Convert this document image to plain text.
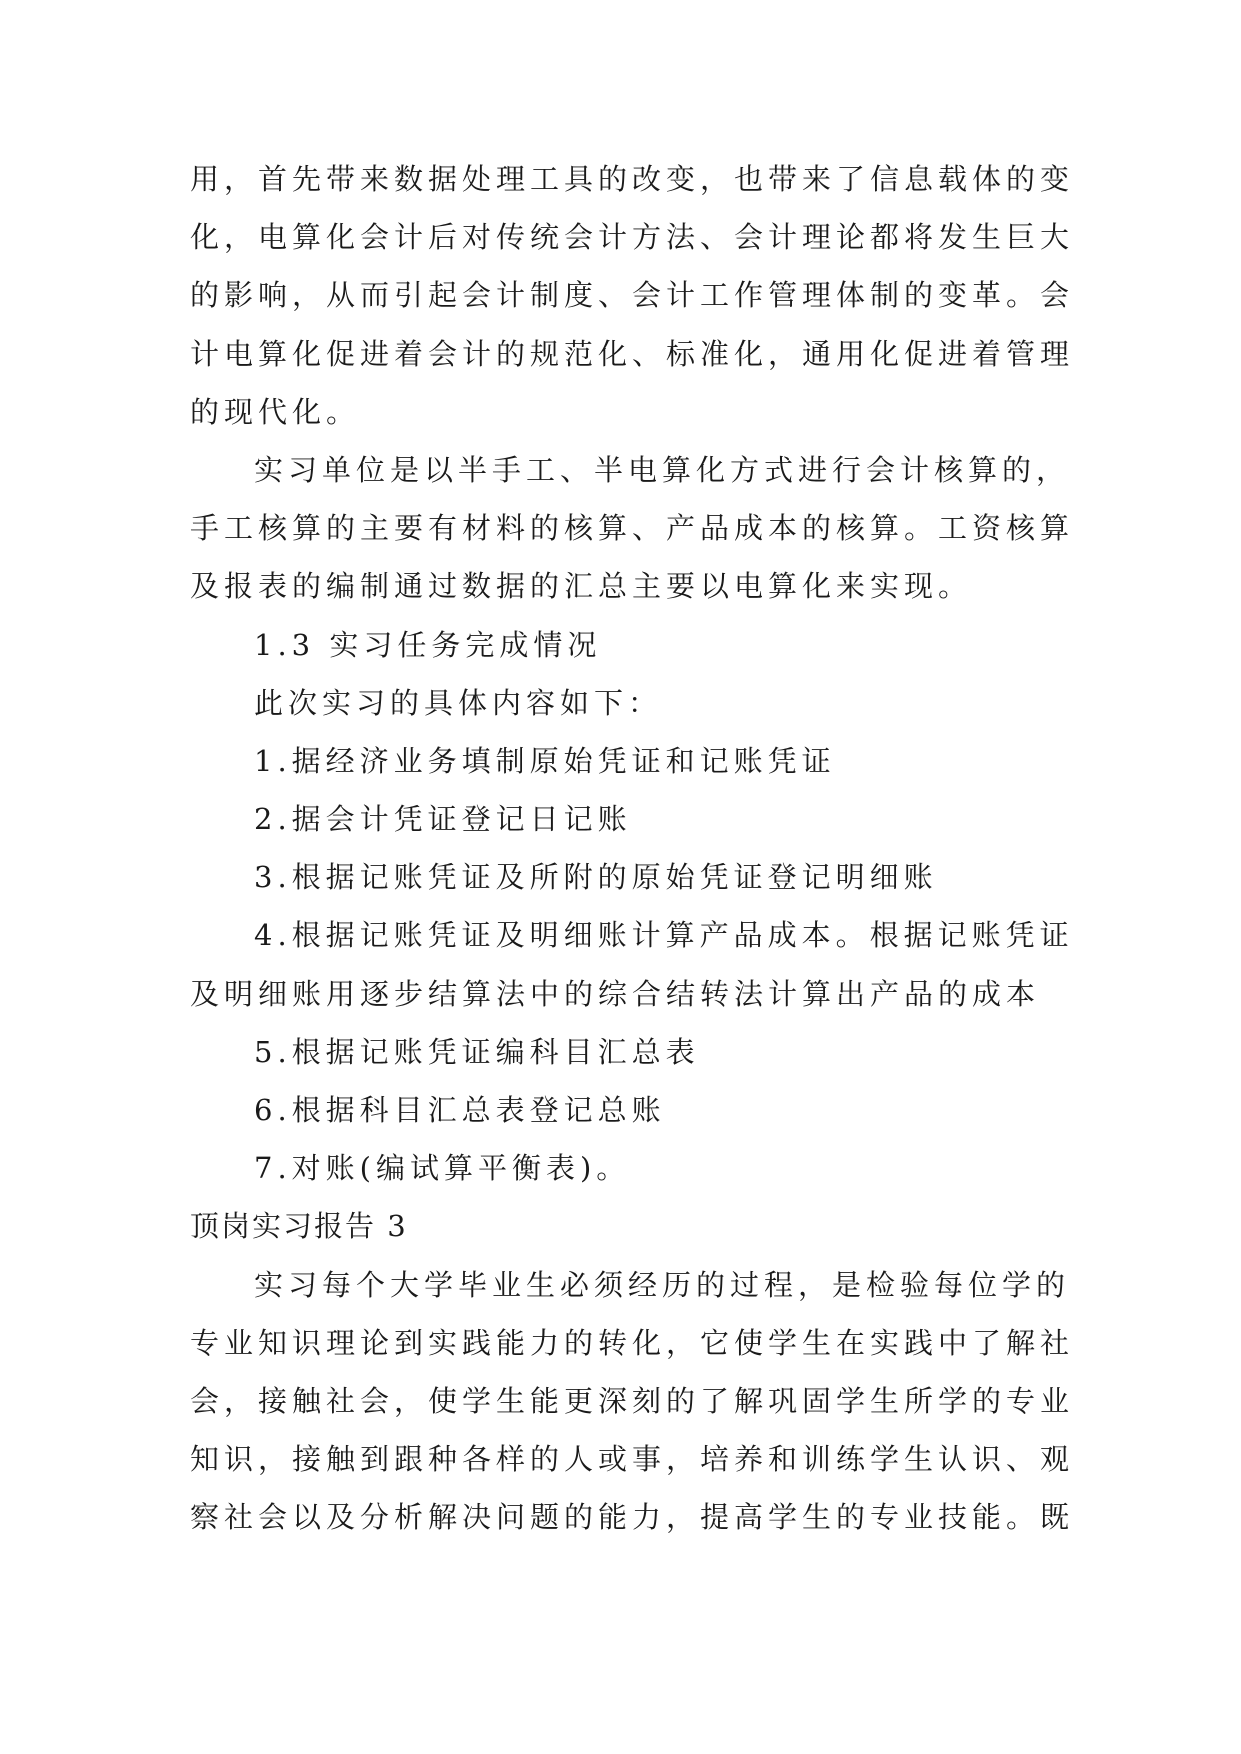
用，首先带来数据处理工具的改变，也带来了信息载体的变
化，电算化会计后对传统会计方法、会计理论都将发生巨大
的影响，从而引起会计制度、会计工作管理体制的变革。会
计电算化促进着会计的规范化、标准化，通用化促进着管理
的现代化。
实习单位是以半手工、半电算化方式进行会计核算的，
手工核算的主要有材料的核算、产品成本的核算。工资核算
及报表的编制通过数据的汇总主要以电算化来实现。
1.3 实习任务完成情况
此次实习的具体内容如下：
1.据经济业务填制原始凭证和记账凭证
2.据会计凭证登记日记账
3.根据记账凭证及所附的原始凭证登记明细账
4.根据记账凭证及明细账计算产品成本。根据记账凭证
及明细账用逐步结算法中的综合结转法计算出产品的成本
5.根据记账凭证编科目汇总表
6.根据科目汇总表登记总账
7.对账(编试算平衡表)。
顶岗实习报告 3
实习每个大学毕业生必须经历的过程，是检验每位学的
专业知识理论到实践能力的转化，它使学生在实践中了解社
会，接触社会，使学生能更深刻的了解巩固学生所学的专业
知识，接触到跟种各样的人或事，培养和训练学生认识、观
察社会以及分析解决问题的能力，提高学生的专业技能。既
